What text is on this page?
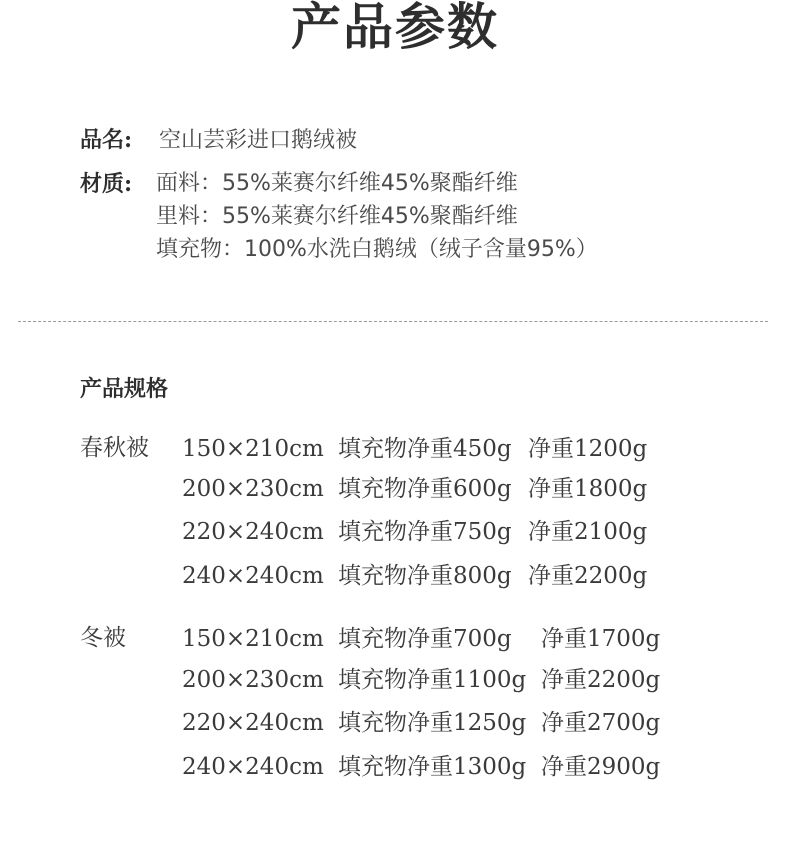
产品参数
品名: 空山芸彩进口鹅绒被
材质: 面料：55%莱赛尔纤维45%聚酯纤维
里料：55%莱赛尔纤维45%聚酯纤维
填充物：100%水洗白鹅绒（绒子含量95%）
产品规格
春秋被 150×210cm 填充物净重450g 净重1200g
200×230cm 填充物净重600g 净重1800g
220×240cm 填充物净重750g 净重2100g
240×240cm 填充物净重800g 净重2200g
冬被 150×210cm 填充物净重700g 净重1700g
200×230cm 填充物净重1100g 净重2200g
220×240cm 填充物净重1250g 净重2700g
240×240cm 填充物净重1300g 净重2900g
